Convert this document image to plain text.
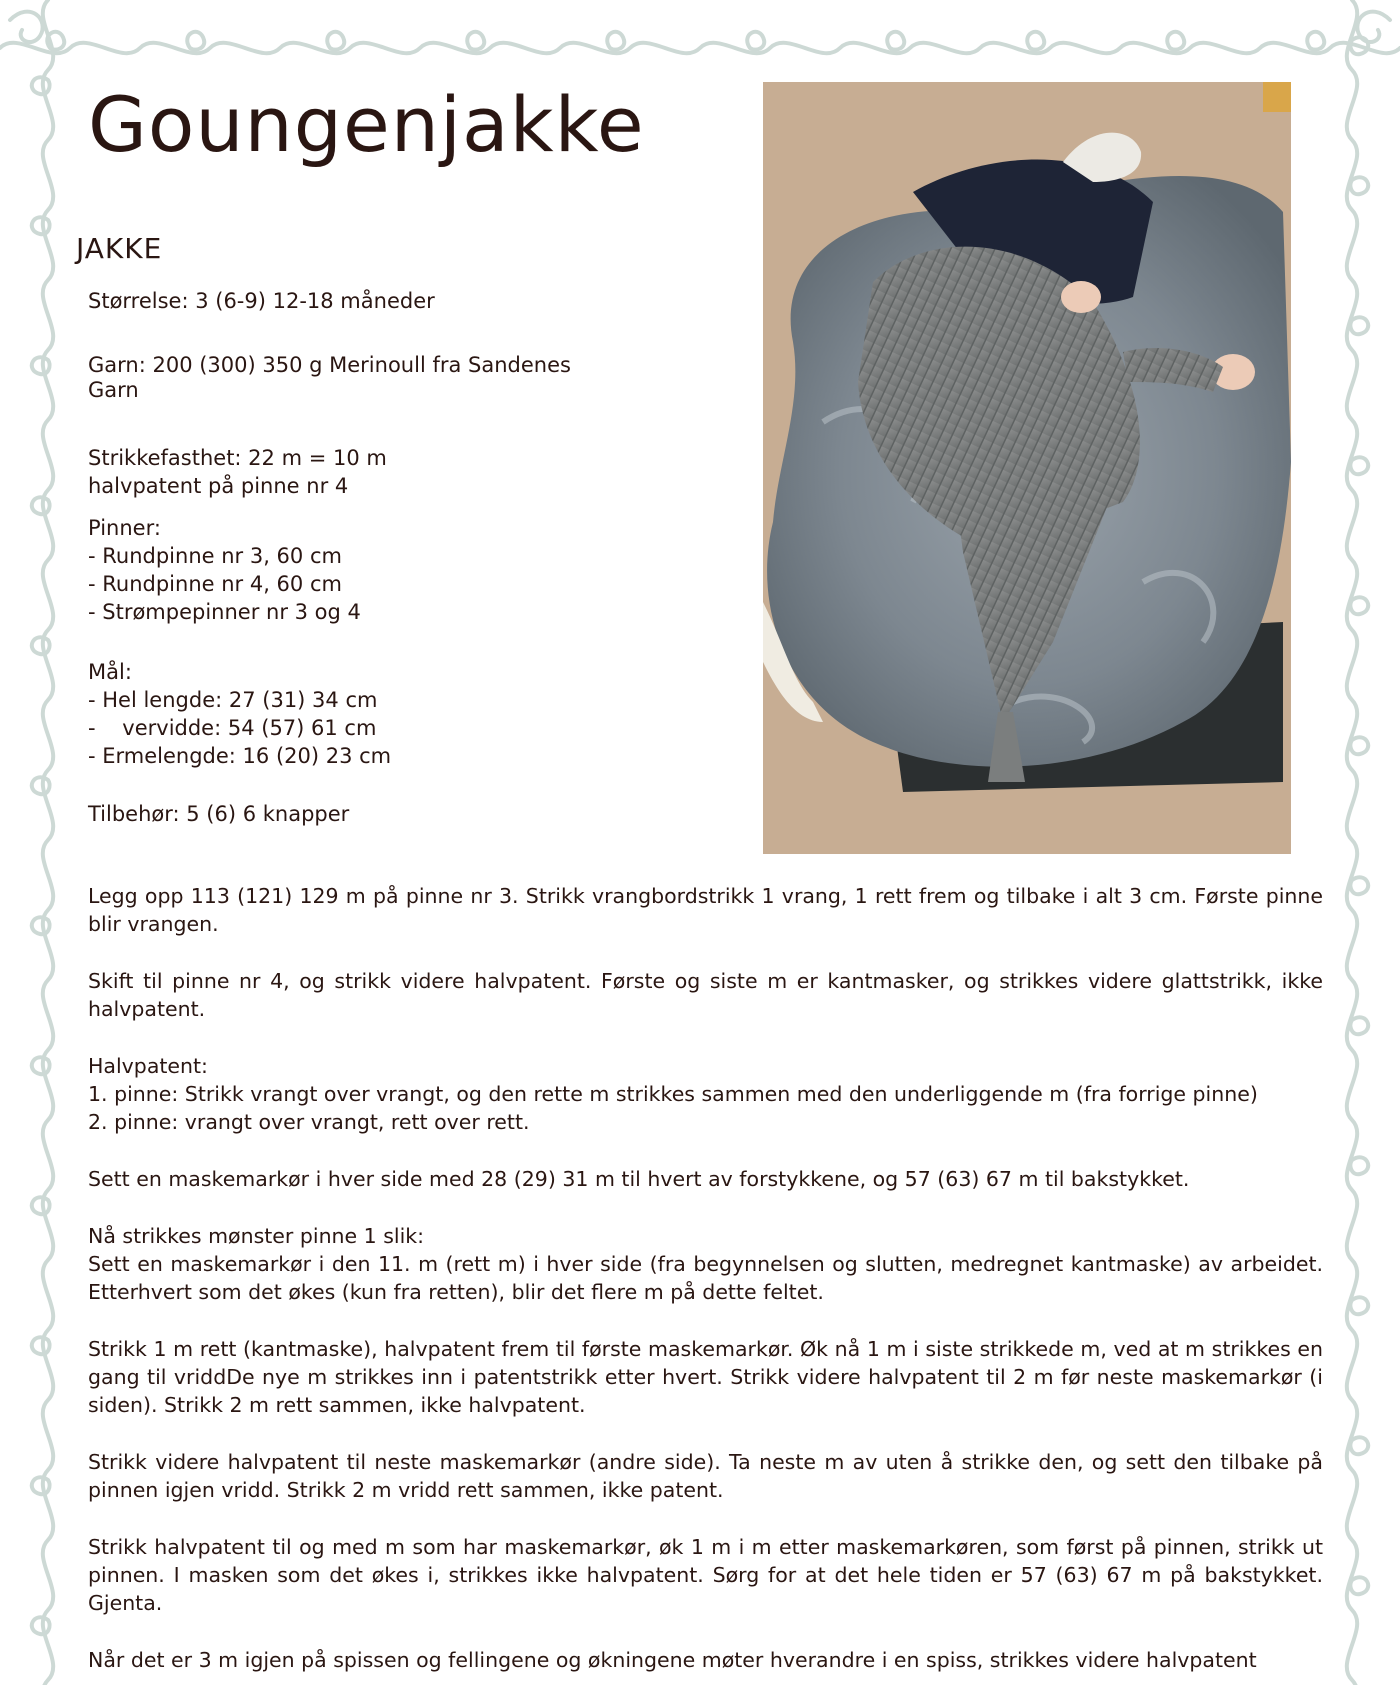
Goungenjakke
JAKKE

Størrelse: 3 (6-9) 12-18 måneder

Garn: 200 (300) 350 g Merinoull fra Sandenes

Garn

Strikkefasthet: 22 m = 10 m

halvpatent på pinne nr 4

Pinner:

- Rundpinne nr 3, 60 cm

- Rundpinne nr 4, 60 cm

- Strømpepinner nr 3 og 4

Mål:

- Hel lengde: 27 (31) 34 cm

-    vervidde: 54 (57) 61 cm

- Ermelengde: 16 (20) 23 cm

Tilbehør: 5 (6) 6 knapper

Legg opp 113 (121) 129 m på pinne nr 3. Strikk vrangbordstrikk 1 vrang, 1 rett frem og tilbake i alt 3 cm. Første pinne blir vrangen.

Skift til pinne nr 4, og strikk videre halvpatent. Første og siste m er kantmasker, og strikkes videre glattstrikk, ikke halvpatent.

Halvpatent:

1. pinne: Strikk vrangt over vrangt, og den rette m strikkes sammen med den underliggende m (fra forrige pinne)

2. pinne: vrangt over vrangt, rett over rett.

Sett en maskemarkør i hver side med 28 (29) 31 m til hvert av forstykkene, og 57 (63) 67 m til bakstykket.

Nå strikkes mønster pinne 1 slik:

Sett en maskemarkør i den 11. m (rett m) i hver side (fra begynnelsen og slutten, medregnet kantmaske) av arbeidet. Etterhvert som det økes (kun fra retten), blir det flere m på dette feltet.

Strikk 1 m rett (kantmaske), halvpatent frem til første maskemarkør. Øk nå 1 m i siste strikkede m, ved at m strikkes en gang til vriddDe nye m strikkes inn i patentstrikk etter hvert. Strikk videre halvpatent til 2 m før neste maskemarkør (i siden). Strikk 2 m rett sammen, ikke halvpatent.

Strikk videre halvpatent til neste maskemarkør (andre side). Ta neste m av uten å strikke den, og sett den tilbake på pinnen igjen vridd. Strikk 2 m vridd rett sammen, ikke patent.

Strikk halvpatent til og med m som har maskemarkør, øk 1 m i m etter maskemarkøren, som først på pinnen, strikk ut pinnen. I masken som det økes i, strikkes ikke halvpatent. Sørg for at det hele tiden er 57 (63) 67 m på bakstykket. Gjenta.

Når det er 3 m igjen på spissen og fellingene og økningene møter hverandre i en spiss, strikkes videre halvpatent
